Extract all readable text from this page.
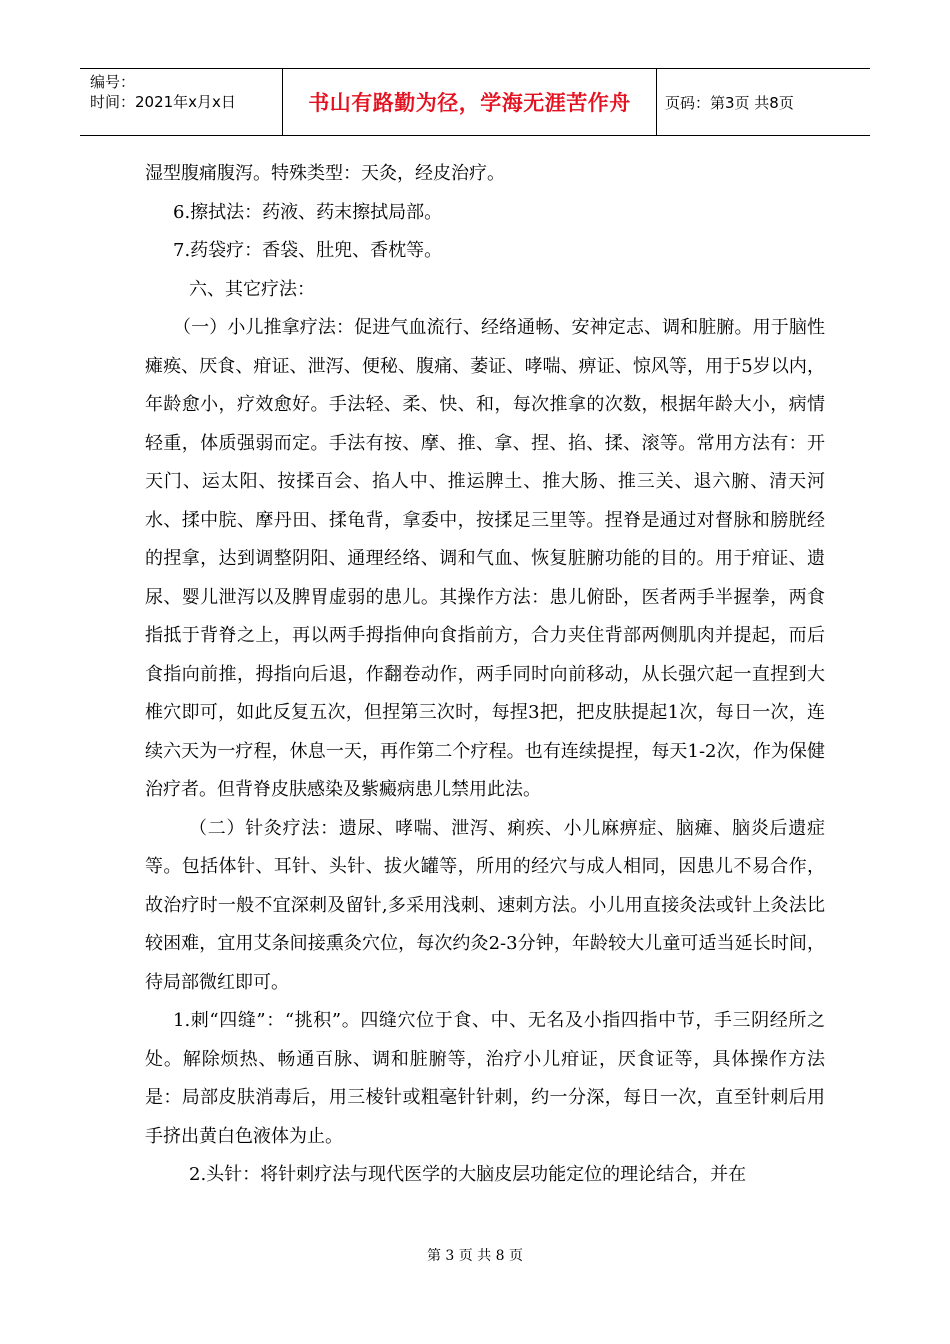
编号：
时间：2021年x月x日	书山有路勤为径，学海无涯苦作舟	页码：第3页 共8页

湿型腹痛腹泻。特殊类型：天灸，经皮治疗。

6.擦拭法：药液、药末擦拭局部。

7.药袋疗：香袋、肚兜、香枕等。

六、其它疗法：

（一）小儿推拿疗法：促进气血流行、经络通畅、安神定志、调和脏腑。用于脑性瘫痪、厌食、疳证、泄泻、便秘、腹痛、萎证、哮喘、痹证、惊风等，用于5岁以内，年龄愈小，疗效愈好。手法轻、柔、快、和，每次推拿的次数，根据年龄大小，病情轻重，体质强弱而定。手法有按、摩、推、拿、捏、掐、揉、滚等。常用方法有：开天门、运太阳、按揉百会、掐人中、推运脾土、推大肠、推三关、退六腑、清天河水、揉中脘、摩丹田、揉龟背，拿委中，按揉足三里等。捏脊是通过对督脉和膀胱经的捏拿，达到调整阴阳、通理经络、调和气血、恢复脏腑功能的目的。用于疳证、遗尿、婴儿泄泻以及脾胃虚弱的患儿。其操作方法：患儿俯卧，医者两手半握拳，两食指抵于背脊之上，再以两手拇指伸向食指前方，合力夹住背部两侧肌肉并提起，而后食指向前推，拇指向后退，作翻卷动作，两手同时向前移动，从长强穴起一直捏到大椎穴即可，如此反复五次，但捏第三次时，每捏3把，把皮肤提起1次，每日一次，连续六天为一疗程，休息一天，再作第二个疗程。也有连续提捏，每天1-2次，作为保健治疗者。但背脊皮肤感染及紫癜病患儿禁用此法。

（二）针灸疗法：遗尿、哮喘、泄泻、痢疾、小儿麻痹症、脑瘫、脑炎后遗症等。包括体针、耳针、头针、拔火罐等，所用的经穴与成人相同，因患儿不易合作，故治疗时一般不宜深刺及留针,多采用浅刺、速刺方法。小儿用直接灸法或针上灸法比较困难，宜用艾条间接熏灸穴位，每次约灸2-3分钟，年龄较大儿童可适当延长时间，待局部微红即可。

1.刺“四缝”：“挑积”。四缝穴位于食、中、无名及小指四指中节，手三阴经所之处。解除烦热、畅通百脉、调和脏腑等，治疗小儿疳证，厌食证等，具体操作方法是：局部皮肤消毒后，用三棱针或粗毫针针刺，约一分深，每日一次，直至针刺后用手挤出黄白色液体为止。

2.头针：将针刺疗法与现代医学的大脑皮层功能定位的理论结合，并在

第 3 页 共 8 页
